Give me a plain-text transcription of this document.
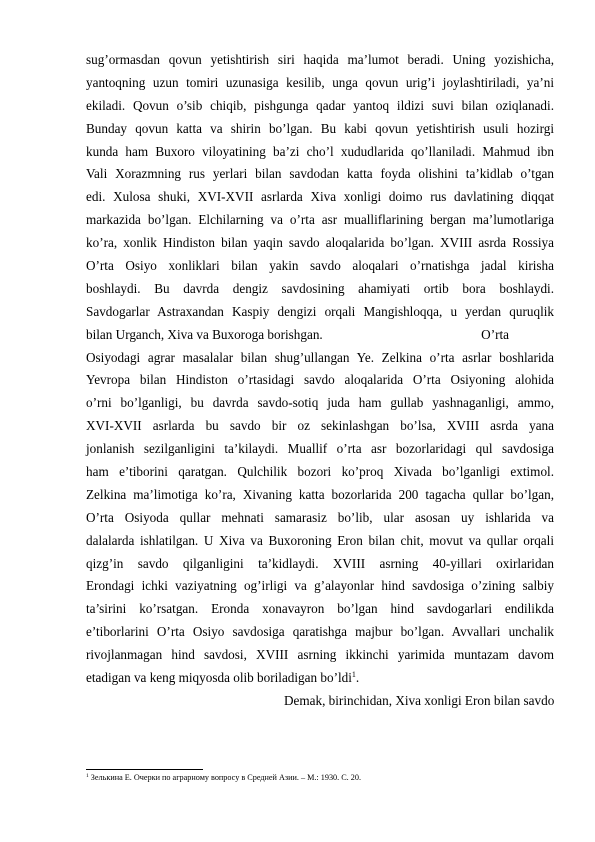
sug’ormasdan qovun yetishtirish siri haqida ma’lumot beradi. Uning yozishicha,
yantoqning uzun tomiri uzunasiga kesilib, unga qovun urig’i joylashtiriladi, ya’ni
ekiladi. Qovun o’sib chiqib, pishgunga qadar yantoq ildizi suvi bilan oziqlanadi.
Bunday qovun katta va shirin bo’lgan. Bu kabi qovun yetishtirish usuli hozirgi
kunda ham Buxoro viloyatining ba’zi cho’l xududlarida qo’llaniladi. Mahmud ibn
Vali Xorazmning rus yerlari bilan savdodan katta foyda olishini ta’kidlab o’tgan
edi. Xulosa shuki, XVI-XVII asrlarda Xiva xonligi doimo rus davlatining diqqat
markazida bo’lgan. Elchilarning va o’rta asr mualliflarining bergan ma’lumotlariga
ko’ra, xonlik Hindiston bilan yaqin savdo aloqalarida bo’lgan. XVIII asrda Rossiya
O’rta Osiyo xonliklari bilan yakin savdo aloqalari o’rnatishga jadal kirisha
boshlaydi. Bu davrda dengiz savdosining ahamiyati ortib bora boshlaydi.
Savdogarlar Astraxandan Kaspiy dengizi orqali Mangishloqqa, u yerdan quruqlik
bilan Urganch, Xiva va Buxoroga borishgan.	O’rta
Osiyodagi agrar masalalar bilan shug’ullangan Ye. Zelkina o’rta asrlar boshlarida
Yevropa bilan Hindiston o’rtasidagi savdo aloqalarida O’rta Osiyoning alohida
o’rni bo’lganligi, bu davrda savdo-sotiq juda ham gullab yashnaganligi, ammo,
XVI-XVII asrlarda bu savdo bir oz sekinlashgan bo’lsa, XVIII asrda yana
jonlanish sezilganligini ta’kilaydi. Muallif o’rta asr bozorlaridagi qul savdosiga
ham e’tiborini qaratgan. Qulchilik bozori ko’proq Xivada bo’lganligi extimol.
Zelkina ma’limotiga ko’ra, Xivaning katta bozorlarida 200 tagacha qullar bo’lgan,
O’rta Osiyoda qullar mehnati samarasiz bo’lib, ular asosan uy ishlarida va
dalalarda ishlatilgan. U Xiva va Buxoroning Eron bilan chit, movut va qullar orqali
qizg’in savdo qilganligini ta’kidlaydi. XVIII asrning 40-yillari oxirlaridan
Erondagi ichki vaziyatning og’irligi va g’alayonlar hind savdosiga o’zining salbiy
ta’sirini ko’rsatgan. Eronda xonavayron bo’lgan hind savdogarlari endilikda
e’tiborlarini O’rta Osiyo savdosiga qaratishga majbur bo’lgan. Avvallari unchalik
rivojlanmagan hind savdosi, XVIII asrning ikkinchi yarimida muntazam davom
etadigan va keng miqyosda olib boriladigan bo’ldi$^1$.
Demak, birinchidan, Xiva xonligi Eron bilan savdo
$^1$ Зелькина Е. Очерки по аграрному вопросу в Средней Азии. – М.: 1930. С. 20.
